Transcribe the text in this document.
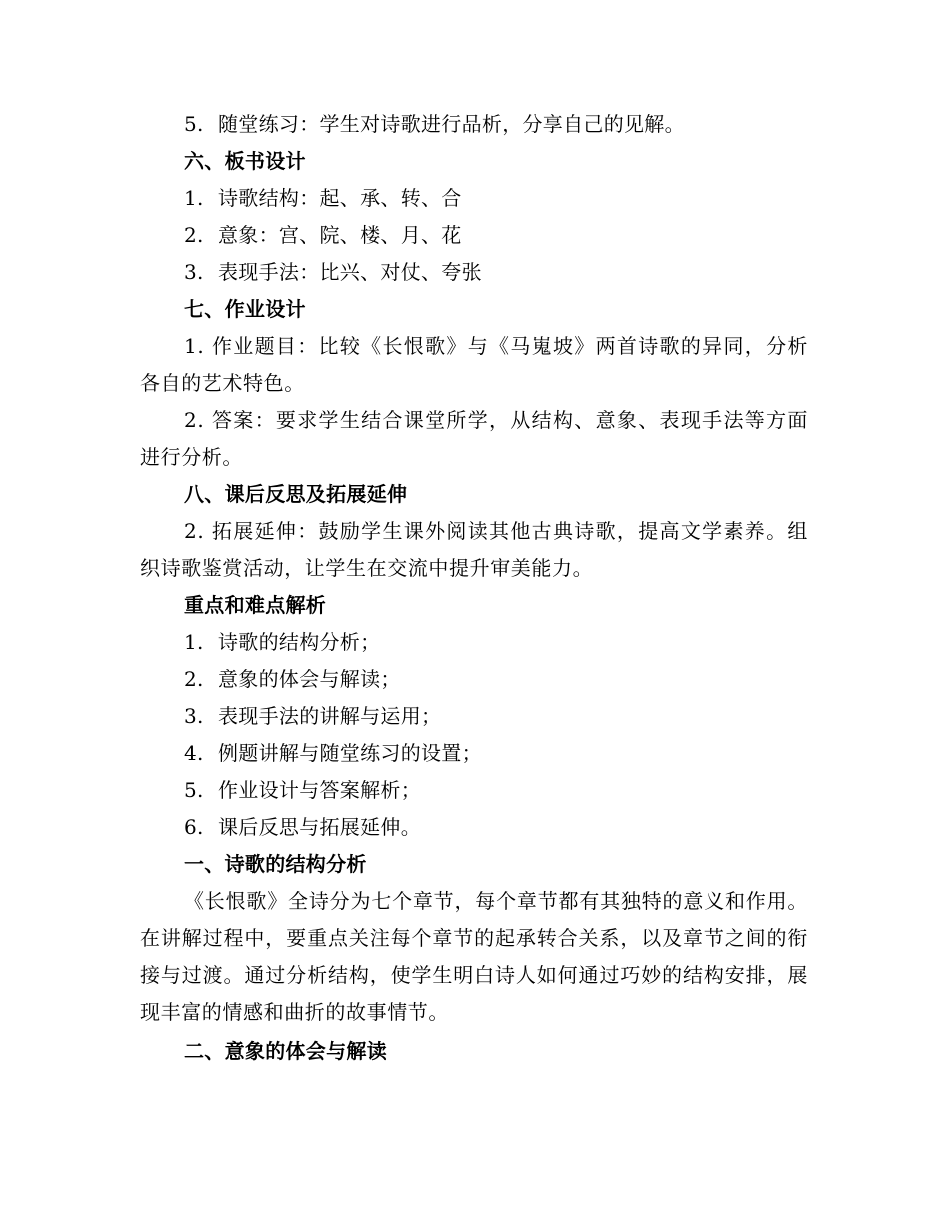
5. 随堂练习：学生对诗歌进行品析，分享自己的见解。
六、板书设计
1. 诗歌结构：起、承、转、合
2. 意象：宫、院、楼、月、花
3. 表现手法：比兴、对仗、夸张
七、作业设计
1. 作业题目：比较《长恨歌》与《马嵬坡》两首诗歌的异同，分析各自的艺术特色。
2. 答案：要求学生结合课堂所学，从结构、意象、表现手法等方面进行分析。
八、课后反思及拓展延伸
2. 拓展延伸：鼓励学生课外阅读其他古典诗歌，提高文学素养。组织诗歌鉴赏活动，让学生在交流中提升审美能力。
重点和难点解析
1. 诗歌的结构分析；
2. 意象的体会与解读；
3. 表现手法的讲解与运用；
4. 例题讲解与随堂练习的设置；
5. 作业设计与答案解析；
6. 课后反思与拓展延伸。
一、诗歌的结构分析
《长恨歌》全诗分为七个章节，每个章节都有其独特的意义和作用。在讲解过程中，要重点关注每个章节的起承转合关系，以及章节之间的衔接与过渡。通过分析结构，使学生明白诗人如何通过巧妙的结构安排，展现丰富的情感和曲折的故事情节。
二、意象的体会与解读
